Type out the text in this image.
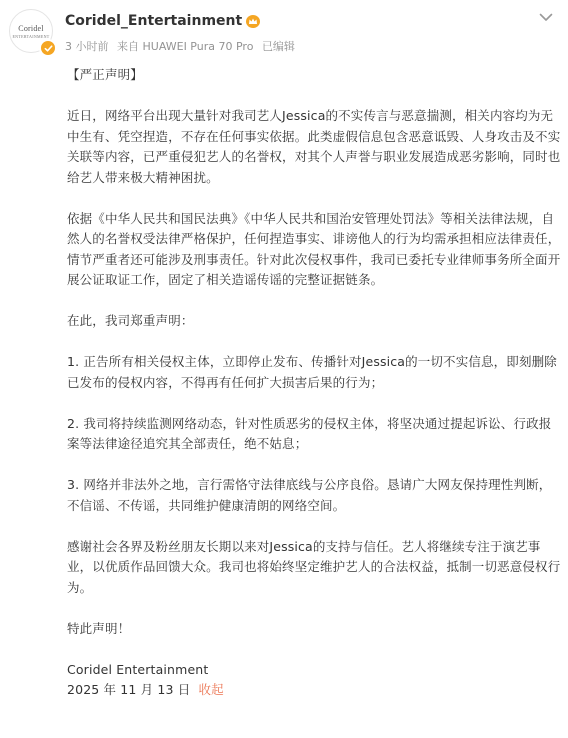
Coridel
ENTERTAINMENT
Coridel_Entertainment
3 小时前 来自 HUAWEI Pura 70 Pro 已编辑

【严正声明】

近日，网络平台出现大量针对我司艺人Jessica的不实传言与恶意揣测，相关内容均为无中生有、凭空捏造，不存在任何事实依据。此类虚假信息包含恶意诋毁、人身攻击及不实关联等内容，已严重侵犯艺人的名誉权，对其个人声誉与职业发展造成恶劣影响，同时也给艺人带来极大精神困扰。

依据《中华人民共和国民法典》《中华人民共和国治安管理处罚法》等相关法律法规，自然人的名誉权受法律严格保护，任何捏造事实、诽谤他人的行为均需承担相应法律责任，情节严重者还可能涉及刑事责任。针对此次侵权事件，我司已委托专业律师事务所全面开展公证取证工作，固定了相关造谣传谣的完整证据链条。

在此，我司郑重声明：

1. 正告所有相关侵权主体，立即停止发布、传播针对Jessica的一切不实信息，即刻删除已发布的侵权内容，不得再有任何扩大损害后果的行为；

2. 我司将持续监测网络动态，针对性质恶劣的侵权主体，将坚决通过提起诉讼、行政报案等法律途径追究其全部责任，绝不姑息；

3. 网络并非法外之地，言行需恪守法律底线与公序良俗。恳请广大网友保持理性判断，不信谣、不传谣，共同维护健康清朗的网络空间。

感谢社会各界及粉丝朋友长期以来对Jessica的支持与信任。艺人将继续专注于演艺事业，以优质作品回馈大众。我司也将始终坚定维护艺人的合法权益，抵制一切恶意侵权行为。

特此声明！

Coridel Entertainment

2025 年 11 月 13 日 收起
